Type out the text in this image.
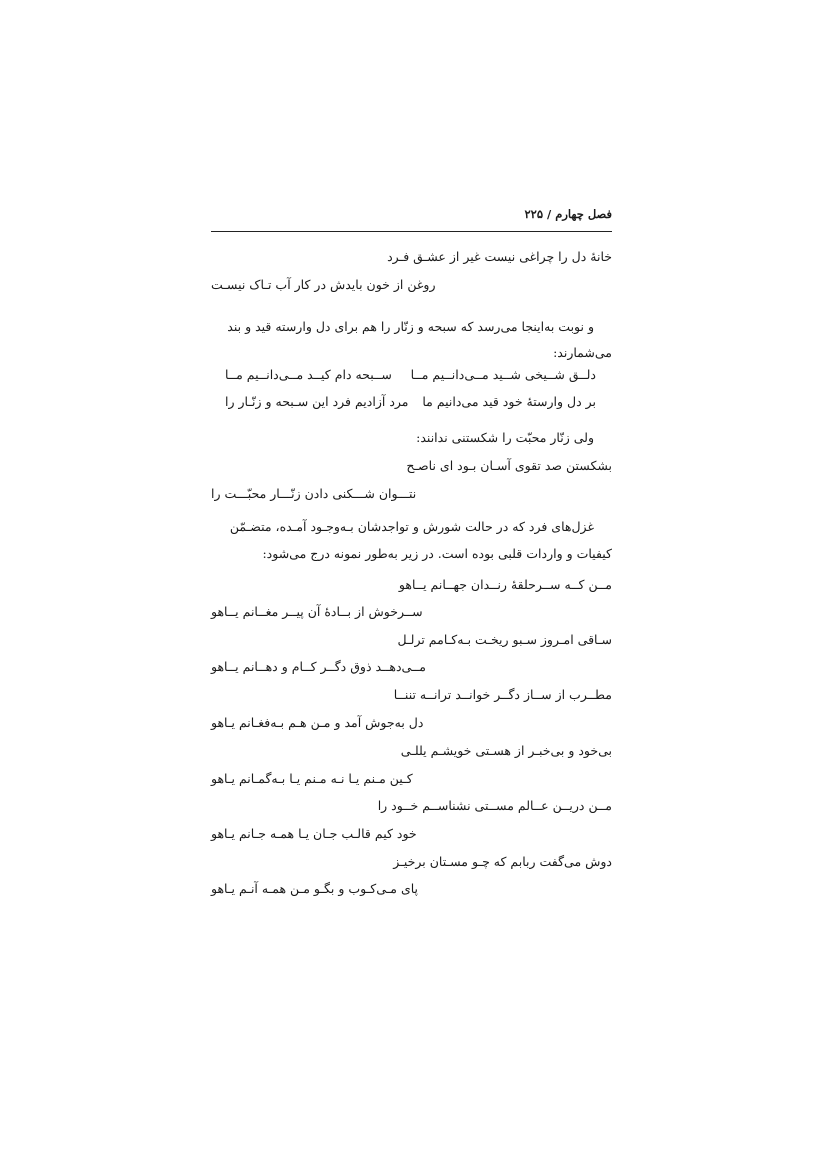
فصل چهارم / ۲۲۵
خانهٔ دل را چراغی نیست غیر از عشـق فـرد
روغن از خون بایدش در کار آب تـاک نیسـت
و نوبت به‌اینجا می‌رسد که سبحه و زنّار را هم برای دل وارسته قید و بند
می‌شمارند:
دلــق شــیخی شــید مــی‌دانــیم مــا
ســبحه دام کیــد مــی‌دانــیم مــا
بر دل وارستهٔ خود قید می‌دانیم ما
مرد آزادیم فرد این سـبحه و زنّـار را
ولی زنّار محبّت را شکستنی ندانند:
بشکستن صد تقوی آسـان بـود ای ناصـح
نتـــوان شـــکنی دادن زنّـــار محبّـــت را
غزل‌های فرد که در حالت شورش و تواجدشان بـه‌وجـود آمـده، متضـمّن
کیفیات و واردات قلبی بوده است. در زیر به‌طور نمونه درج می‌شود:
مــن کــه ســرحلقهٔ رنــدان جهــانم یــاهو
ســرخوش از بــادهٔ آن پیــر مغــانم یــاهو
سـاقی امـروز سـبو ریخـت بـه‌کـامم ترلـل
مــی‌دهــد ذوق دگــر کــام و دهــانم یــاهو
مطــرب از ســاز دگــر خوانــد ترانــه تننــا
دل به‌جوش آمد و مـن هـم بـه‌فغـانم یـاهو
بی‌خود و بی‌خبـر از هسـتی خویشـم یللـی
کـین مـنم یـا نـه مـنم یـا بـه‌گمـانم یـاهو
مــن دریــن عــالم مســتی نشناســم خــود را
خود کیم قالـب جـان یـا همـه جـانم یـاهو
دوش می‌گفت ربابم که چـو مسـتان برخیـز
پای مـی‌کـوب و بگـو مـن همـه آنـم یـاهو
